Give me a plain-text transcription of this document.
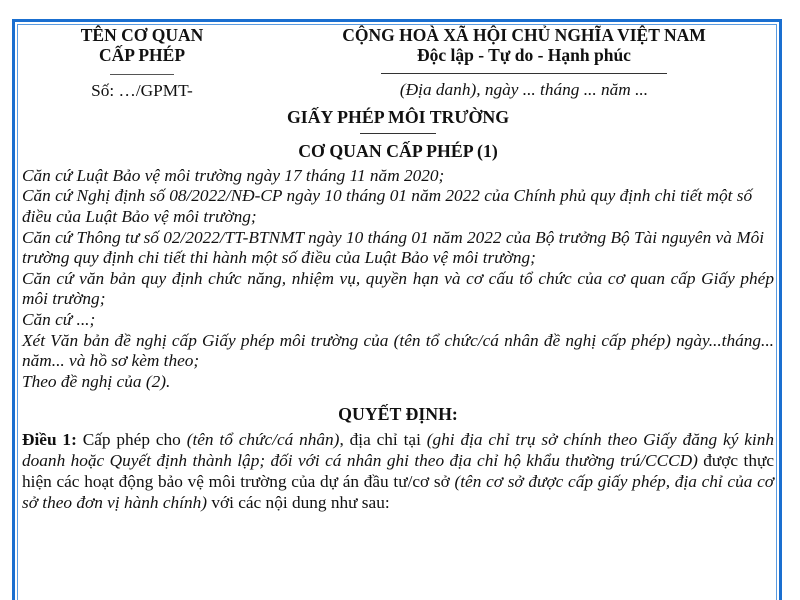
TÊN CƠ QUAN
CẤP PHÉP
Số: …/GPMT-
CỘNG HOÀ XÃ HỘI CHỦ NGHĨA VIỆT NAM
Độc lập - Tự do - Hạnh phúc
(Địa danh), ngày ... tháng ... năm ...
GIẤY PHÉP MÔI TRƯỜNG
CƠ QUAN CẤP PHÉP (1)

Căn cứ Luật Bảo vệ môi trường ngày 17 tháng 11 năm 2020;

Căn cứ Nghị định số 08/2022/NĐ-CP ngày 10 tháng 01 năm 2022 của Chính phủ quy định chi tiết một số điều của Luật Bảo vệ môi trường;

Căn cứ Thông tư số 02/2022/TT-BTNMT ngày 10 tháng 01 năm 2022 của Bộ trưởng Bộ Tài nguyên và Môi trường quy định chi tiết thi hành một số điều của Luật Bảo vệ môi trường;

Căn cứ văn bản quy định chức năng, nhiệm vụ, quyền hạn và cơ cấu tổ chức của cơ quan cấp Giấy phép môi trường;

Căn cứ ...;

Xét Văn bản đề nghị cấp Giấy phép môi trường của (tên tổ chức/cá nhân đề nghị cấp phép) ngày...tháng... năm... và hồ sơ kèm theo;

Theo đề nghị của (2).

QUYẾT ĐỊNH:

Điều 1: Cấp phép cho (tên tổ chức/cá nhân), địa chỉ tại (ghi địa chỉ trụ sở chính theo Giấy đăng ký kinh doanh hoặc Quyết định thành lập; đối với cá nhân ghi theo địa chỉ hộ khẩu thường trú/CCCD) được thực hiện các hoạt động bảo vệ môi trường của dự án đầu tư/cơ sở (tên cơ sở được cấp giấy phép, địa chỉ của cơ sở theo đơn vị hành chính) với các nội dung như sau:
